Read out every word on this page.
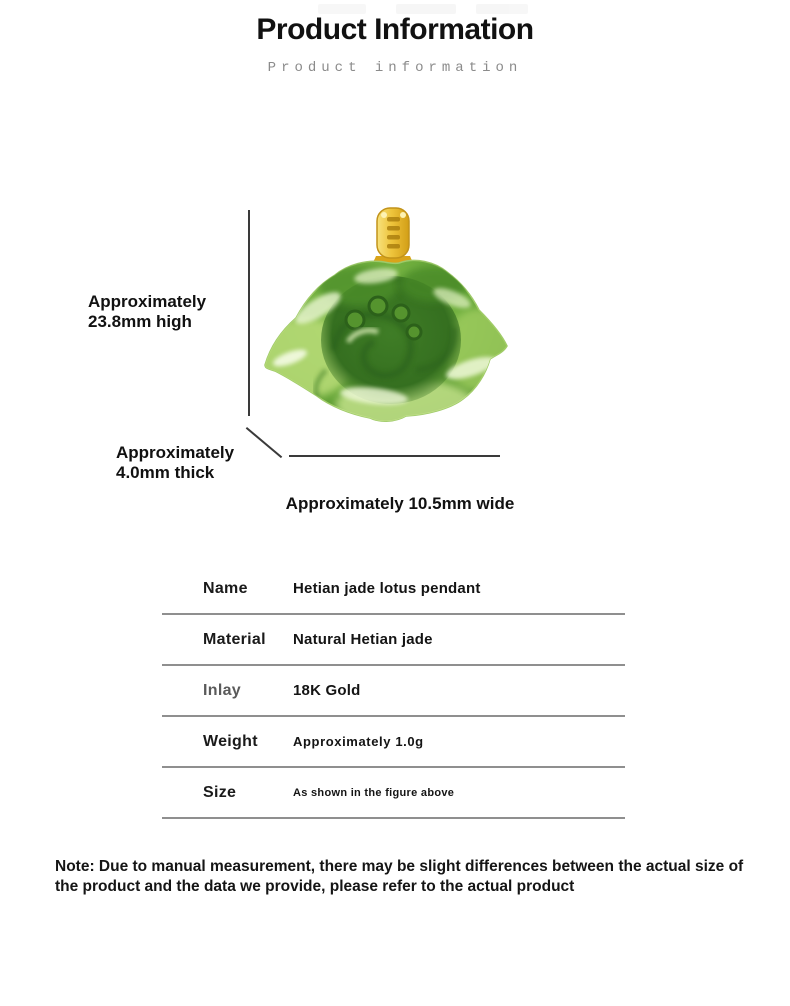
Product Information
Product information
Approximately 23.8mm high
Approximately 4.0mm thick
Approximately 10.5mm wide
Name	Hetian jade lotus pendant
Material	Natural Hetian jade
Inlay	18K Gold
Weight	Approximately 1.0g
Size	As shown in the figure above
Note: Due to manual measurement, there may be slight differences between the actual size of the product and the data we provide, please refer to the actual product
